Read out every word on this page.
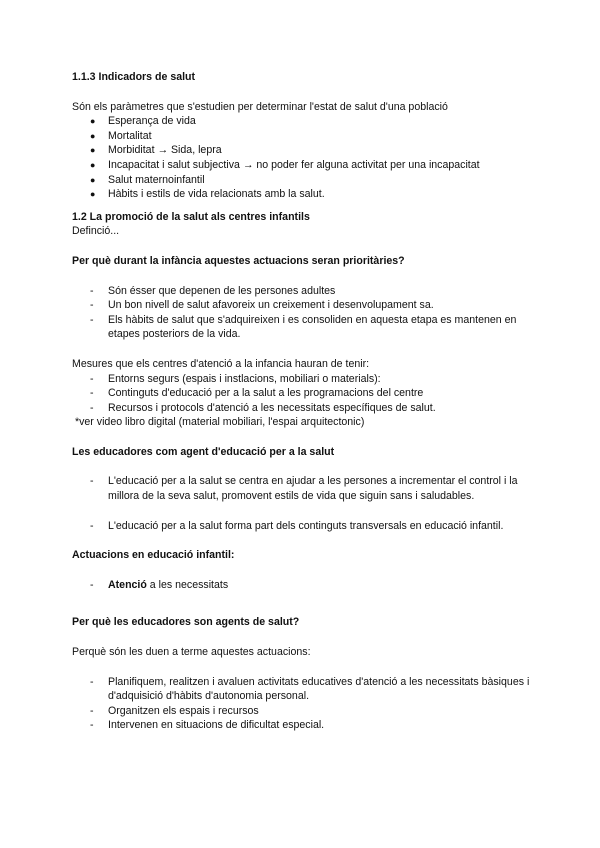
1.1.3 Indicadors de salut
Són els paràmetres que s'estudien per determinar l'estat de salut d'una població
● Esperança de vida
● Mortalitat
● Morbiditat → Sida, lepra
● Incapacitat i salut subjectiva → no poder fer alguna activitat per una incapacitat
● Salut maternoinfantil
● Hàbits i estils de vida relacionats amb la salut.
1.2 La promoció de la salut als centres infantils
Definció...
Per què durant la infància aquestes actuacions seran prioritàries?
- Són ésser que depenen de les persones adultes
- Un bon nivell de salut afavoreix un creixement i desenvolupament sa.
- Els hàbits de salut que s'adquireixen i es consoliden en aquesta etapa es mantenen en etapes posteriors de la vida.
Mesures que els centres d'atenció a la infancia hauran de tenir:
- Entorns segurs (espais i instlacions, mobiliari o materials):
- Continguts d'educació per a la salut a les programacions del centre
- Recursos i protocols d'atenció a les necessitats específiques de salut.
*ver video libro digital (material mobiliari, l'espai arquitectonic)
Les educadores com agent d'educació per a la salut
- L'educació per a la salut se centra en ajudar a les persones a incrementar el control i la millora de la seva salut, promovent estils de vida que siguin sans i saludables.
- L'educació per a la salut forma part dels continguts transversals en educació infantil.
Actuacions en educació infantil:
- Atenció a les necessitats
Per què les educadores son agents de salut?
Perquè són les duen a terme aquestes actuacions:
- Planifiquem, realitzen i avaluen activitats educatives d'atenció a les necessitats bàsiques i d'adquisició d'hàbits d'autonomia personal.
- Organitzen els espais i recursos
- Intervenen en situacions de dificultat especial.
